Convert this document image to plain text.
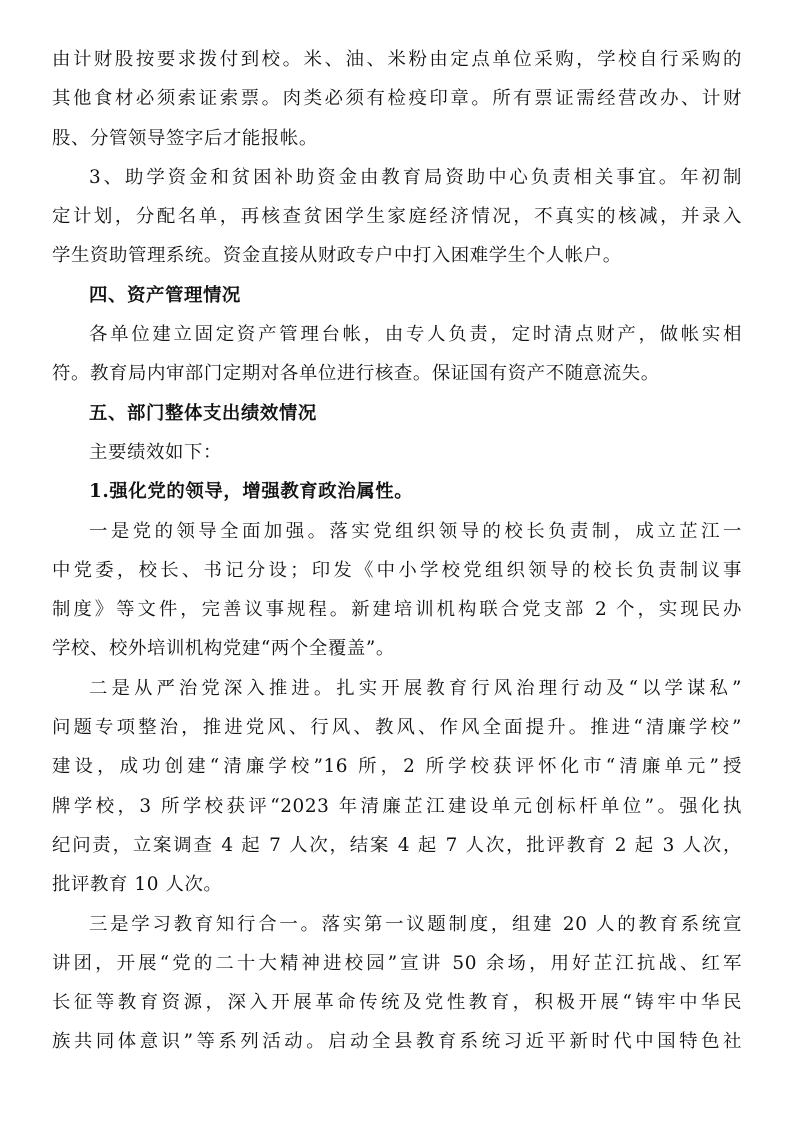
由计财股按要求拨付到校。米、油、米粉由定点单位采购，学校自行采购的
其他食材必须索证索票。肉类必须有检疫印章。所有票证需经营改办、计财
股、分管领导签字后才能报帐。
3、助学资金和贫困补助资金由教育局资助中心负责相关事宜。年初制
定计划，分配名单，再核查贫困学生家庭经济情况，不真实的核减，并录入
学生资助管理系统。资金直接从财政专户中打入困难学生个人帐户。
四、资产管理情况
各单位建立固定资产管理台帐，由专人负责，定时清点财产，做帐实相
符。教育局内审部门定期对各单位进行核查。保证国有资产不随意流失。
五、部门整体支出绩效情况
主要绩效如下：
1.强化党的领导，增强教育政治属性。
一是党的领导全面加强。落实党组织领导的校长负责制，成立芷江一
中党委，校长、书记分设；印发《中小学校党组织领导的校长负责制议事
制度》等文件，完善议事规程。新建培训机构联合党支部 2 个，实现民办
学校、校外培训机构党建“两个全覆盖”。
二是从严治党深入推进。扎实开展教育行风治理行动及“以学谋私”
问题专项整治，推进党风、行风、教风、作风全面提升。推进“清廉学校”
建设，成功创建“清廉学校”16 所，2 所学校获评怀化市“清廉单元”授
牌学校，3 所学校获评“2023 年清廉芷江建设单元创标杆单位”。强化执
纪问责，立案调查 4 起 7 人次，结案 4 起 7 人次，批评教育 2 起 3 人次，
批评教育 10 人次。
三是学习教育知行合一。落实第一议题制度，组建 20 人的教育系统宣
讲团，开展“党的二十大精神进校园”宣讲 50 余场，用好芷江抗战、红军
长征等教育资源，深入开展革命传统及党性教育，积极开展“铸牢中华民
族共同体意识”等系列活动。启动全县教育系统习近平新时代中国特色社
